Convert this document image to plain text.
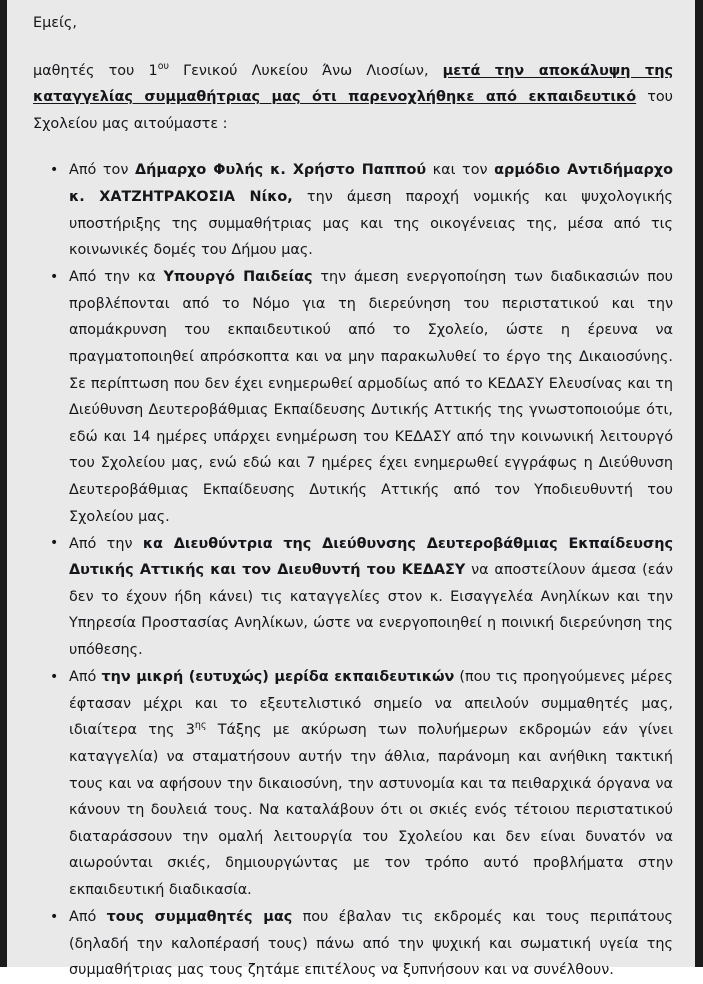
Εμείς,

μαθητές του $1^{o\upsilon}$ Γενικού Λυκείου Άνω Λιοσίων, μετά την αποκάλυψη της καταγγελίας συμμαθήτριας μας ότι παρενοχλήθηκε από εκπαιδευτικό του Σχολείου μας αιτούμαστε :

• Από τον Δήμαρχο Φυλής κ. Χρήστο Παππού και τον αρμόδιο Αντιδήμαρχο κ. ΧΑΤΖΗΤΡΑΚΟΣΙΑ Νίκο, την άμεση παροχή νομικής και ψυχολογικής υποστήριξης της συμμαθήτριας μας και της οικογένειας της, μέσα από τις κοινωνικές δομές του Δήμου μας.
• Από την κα Υπουργό Παιδείας την άμεση ενεργοποίηση των διαδικασιών που προβλέπονται από το Νόμο για τη διερεύνηση του περιστατικού και την απομάκρυνση του εκπαιδευτικού από το Σχολείο, ώστε η έρευνα να πραγματοποιηθεί απρόσκοπτα και να μην παρακωλυθεί το έργο της Δικαιοσύνης. Σε περίπτωση που δεν έχει ενημερωθεί αρμοδίως από το ΚΕΔΑΣΥ Ελευσίνας και τη Διεύθυνση Δευτεροβάθμιας Εκπαίδευσης Δυτικής Αττικής της γνωστοποιούμε ότι, εδώ και 14 ημέρες υπάρχει ενημέρωση του ΚΕΔΑΣΥ από την κοινωνική λειτουργό του Σχολείου μας, ενώ εδώ και 7 ημέρες έχει ενημερωθεί εγγράφως η Διεύθυνση Δευτεροβάθμιας Εκπαίδευσης Δυτικής Αττικής από τον Υποδιευθυντή του Σχολείου μας.
• Από την κα Διευθύντρια της Διεύθυνσης Δευτεροβάθμιας Εκπαίδευσης Δυτικής Αττικής και τον Διευθυντή του ΚΕΔΑΣΥ να αποστείλουν άμεσα (εάν δεν το έχουν ήδη κάνει) τις καταγγελίες στον κ. Εισαγγελέα Ανηλίκων και την Υπηρεσία Προστασίας Ανηλίκων, ώστε να ενεργοποιηθεί η ποινική διερεύνηση της υπόθεσης.
• Από την μικρή (ευτυχώς) μερίδα εκπαιδευτικών (που τις προηγούμενες μέρες έφτασαν μέχρι και το εξευτελιστικό σημείο να απειλούν συμμαθητές μας, ιδιαίτερα της $3^{\eta\varsigma}$ Τάξης με ακύρωση των πολυήμερων εκδρομών εάν γίνει καταγγελία) να σταματήσουν αυτήν την άθλια, παράνομη και ανήθικη τακτική τους και να αφήσουν την δικαιοσύνη, την αστυνομία και τα πειθαρχικά όργανα να κάνουν τη δουλειά τους. Να καταλάβουν ότι οι σκιές ενός τέτοιου περιστατικού διαταράσσουν την ομαλή λειτουργία του Σχολείου και δεν είναι δυνατόν να αιωρούνται σκιές, δημιουργώντας με τον τρόπο αυτό προβλήματα στην εκπαιδευτική διαδικασία.
• Από τους συμμαθητές μας που έβαλαν τις εκδρομές και τους περιπάτους (δηλαδή την καλοπέρασή τους) πάνω από την ψυχική και σωματική υγεία της συμμαθήτριας μας τους ζητάμε επιτέλους να ξυπνήσουν και να συνέλθουν.
